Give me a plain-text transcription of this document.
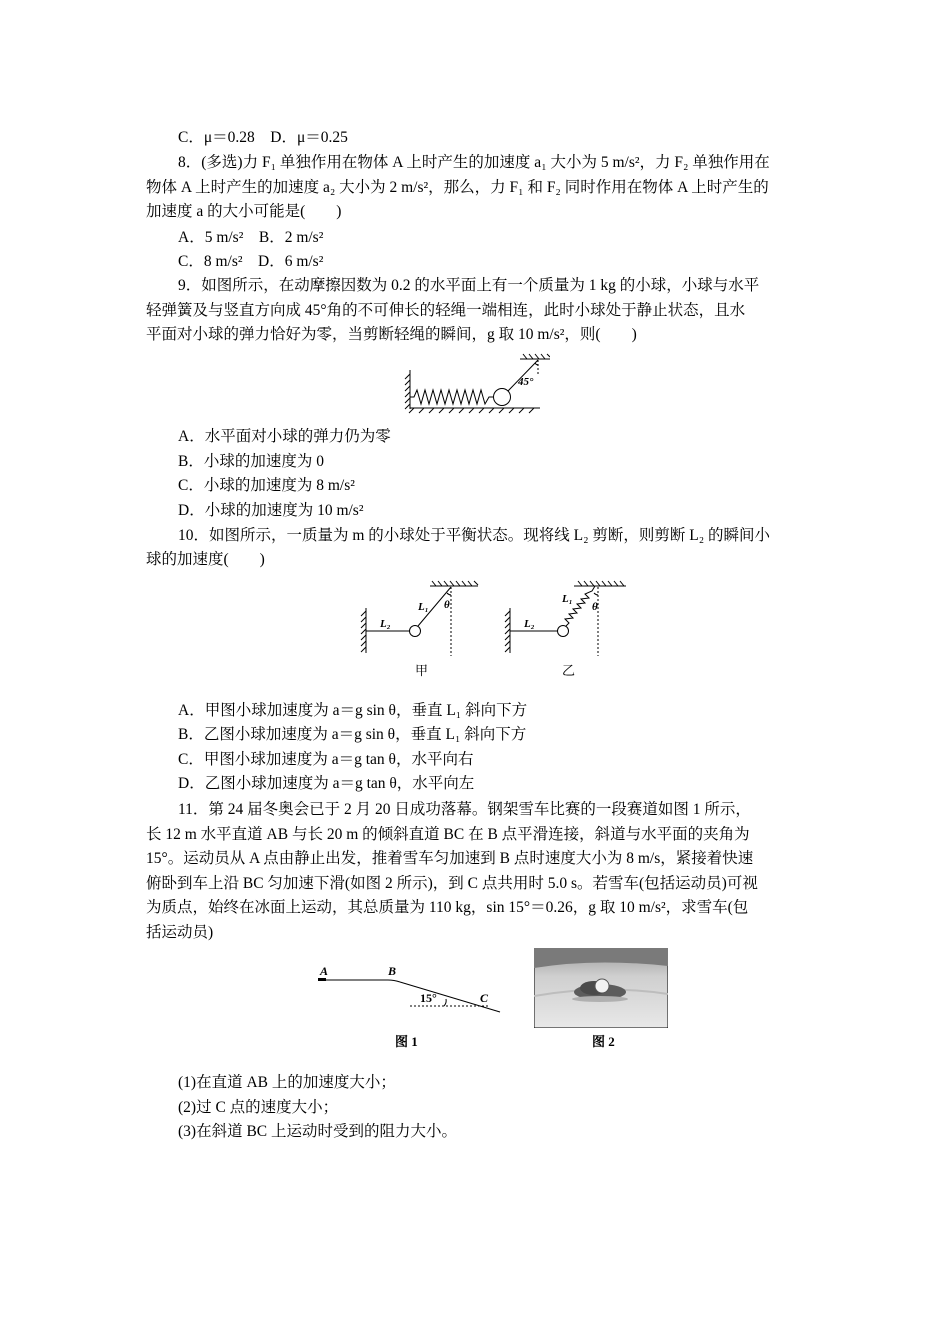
C．μ＝0.28　D．μ＝0.25
8．(多选)力 F₁ 单独作用在物体 A 上时产生的加速度 a₁ 大小为 5 m/s²，力 F₂ 单独作用在
物体 A 上时产生的加速度 a₂ 大小为 2 m/s²，那么，力 F₁ 和 F₂ 同时作用在物体 A 上时产生的
加速度 a 的大小可能是(　　)
A．5 m/s²　B．2 m/s²
C．8 m/s²　D．6 m/s²
9．如图所示，在动摩擦因数为 0.2 的水平面上有一个质量为 1 kg 的小球，小球与水平
轻弹簧及与竖直方向成 45°角的不可伸长的轻绳一端相连，此时小球处于静止状态，且水
平面对小球的弹力恰好为零，当剪断轻绳的瞬间，g 取 10 m/s²，则(　　)
45°
A．水平面对小球的弹力仍为零
B．小球的加速度为 0
C．小球的加速度为 8 m/s²
D．小球的加速度为 10 m/s²
10．如图所示，一质量为 m 的小球处于平衡状态。现将线 L₂ 剪断，则剪断 L₂ 的瞬间小
球的加速度(　　)
L₁
L₂
θ
甲
L₁
L₂
θ
乙
A．甲图小球加速度为 a＝g sin θ，垂直 L₁ 斜向下方
B．乙图小球加速度为 a＝g sin θ，垂直 L₁ 斜向下方
C．甲图小球加速度为 a＝g tan θ，水平向右
D．乙图小球加速度为 a＝g tan θ，水平向左
11．第 24 届冬奥会已于 2 月 20 日成功落幕。钢架雪车比赛的一段赛道如图 1 所示，
长 12 m 水平直道 AB 与长 20 m 的倾斜直道 BC 在 B 点平滑连接，斜道与水平面的夹角为
15°。运动员从 A 点由静止出发，推着雪车匀加速到 B 点时速度大小为 8 m/s，紧接着快速
俯卧到车上沿 BC 匀加速下滑(如图 2 所示)，到 C 点共用时 5.0 s。若雪车(包括运动员)可视
为质点，始终在冰面上运动，其总质量为 110 kg，sin 15°＝0.26，g 取 10 m/s²，求雪车(包
括运动员)
A	B
C
15°
图 1	图 2
(1)在直道 AB 上的加速度大小；
(2)过 C 点的速度大小；
(3)在斜道 BC 上运动时受到的阻力大小。
